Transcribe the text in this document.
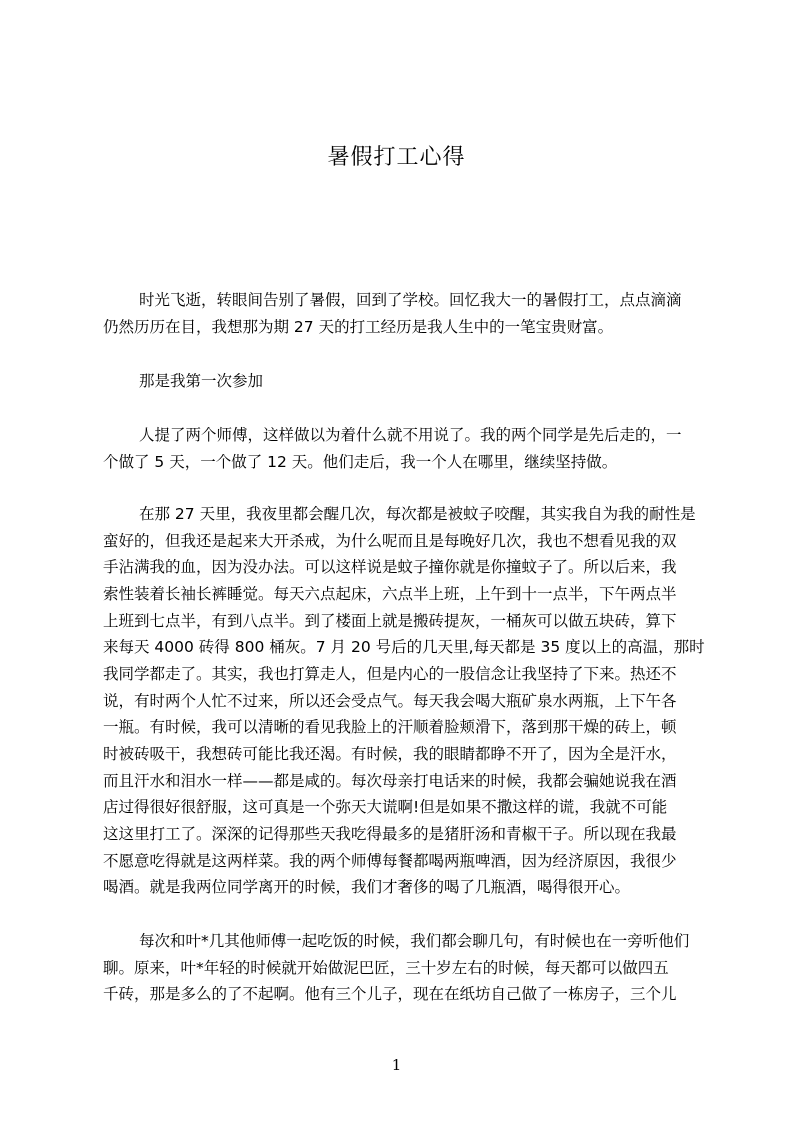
暑假打工心得
时光飞逝，转眼间告别了暑假，回到了学校。回忆我大一的暑假打工，点点滴滴
仍然历历在目，我想那为期 27 天的打工经历是我人生中的一笔宝贵财富。
那是我第一次参加
人提了两个师傅，这样做以为着什么就不用说了。我的两个同学是先后走的，一
个做了 5 天，一个做了 12 天。他们走后，我一个人在哪里，继续坚持做。
在那 27 天里，我夜里都会醒几次，每次都是被蚊子咬醒，其实我自为我的耐性是
蛮好的，但我还是起来大开杀戒，为什么呢而且是每晚好几次，我也不想看见我的双
手沾满我的血，因为没办法。可以这样说是蚊子撞你就是你撞蚊子了。所以后来，我
索性装着长袖长裤睡觉。每天六点起床，六点半上班，上午到十一点半，下午两点半
上班到七点半，有到八点半。到了楼面上就是搬砖提灰，一桶灰可以做五块砖，算下
来每天 4000 砖得 800 桶灰。7 月 20 号后的几天里,每天都是 35 度以上的高温，那时
我同学都走了。其实，我也打算走人，但是内心的一股信念让我坚持了下来。热还不
说，有时两个人忙不过来，所以还会受点气。每天我会喝大瓶矿泉水两瓶，上下午各
一瓶。有时候，我可以清晰的看见我脸上的汗顺着脸颊滑下，落到那干燥的砖上，顿
时被砖吸干，我想砖可能比我还渴。有时候，我的眼睛都睁不开了，因为全是汗水，
而且汗水和泪水一样——都是咸的。每次母亲打电话来的时候，我都会骗她说我在酒
店过得很好很舒服，这可真是一个弥天大谎啊!但是如果不撒这样的谎，我就不可能
这这里打工了。深深的记得那些天我吃得最多的是猪肝汤和青椒干子。所以现在我最
不愿意吃得就是这两样菜。我的两个师傅每餐都喝两瓶啤酒，因为经济原因，我很少
喝酒。就是我两位同学离开的时候，我们才奢侈的喝了几瓶酒，喝得很开心。
每次和叶*几其他师傅一起吃饭的时候，我们都会聊几句，有时候也在一旁听他们
聊。原来，叶*年轻的时候就开始做泥巴匠，三十岁左右的时候，每天都可以做四五
千砖，那是多么的了不起啊。他有三个儿子，现在在纸坊自己做了一栋房子，三个儿
1
